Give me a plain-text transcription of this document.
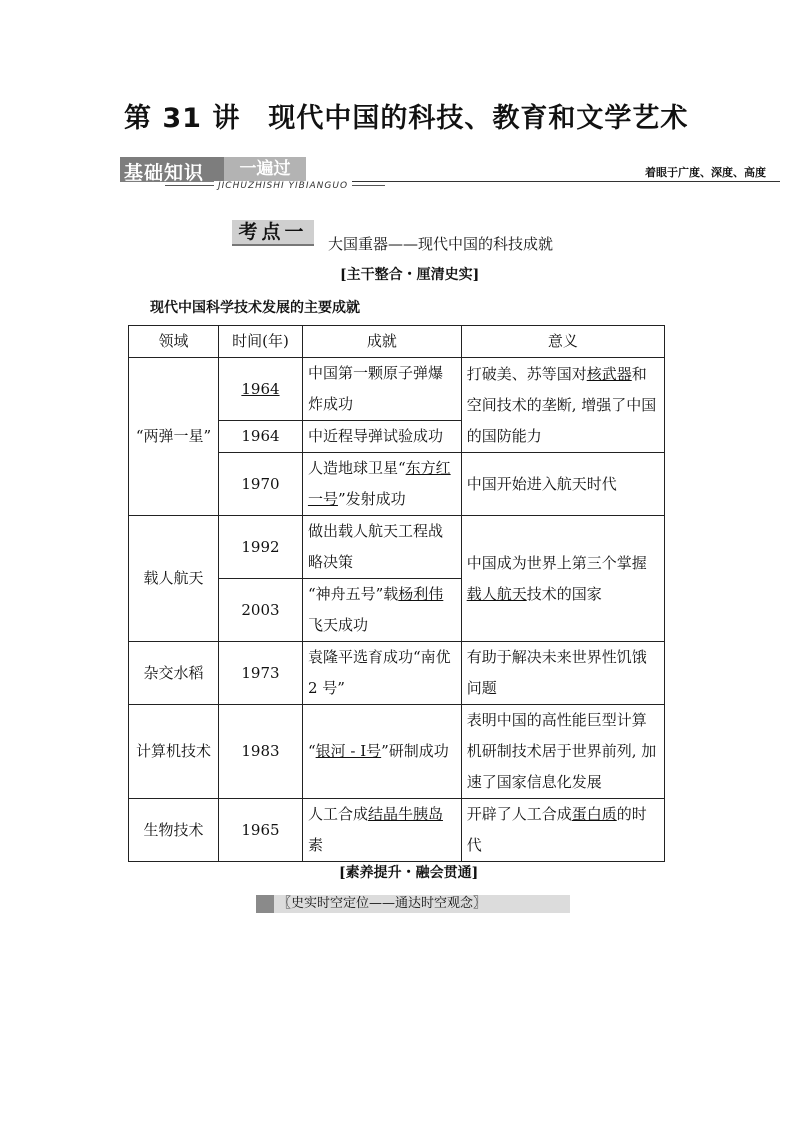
第 31 讲　现代中国的科技、教育和文学艺术
基础知识	一遍过
JICHUZHISHI YIBIANGUO
着眼于广度、深度、高度
考点一
大国重器——现代中国的科技成就
[主干整合・厘清史实]
现代中国科学技术发展的主要成就
领域	时间(年)	成就	意义
“两弹一星”	1964	中国第一颗原子弹爆炸成功	打破美、苏等国对核武器和空间技术的垄断, 增强了中国的国防能力
	1964	中近程导弹试验成功	
	1970	人造地球卫星“东方红一号”发射成功	中国开始进入航天时代
载人航天	1992	做出载人航天工程战略决策	中国成为世界上第三个掌握载人航天技术的国家
	2003	“神舟五号”载杨利伟飞天成功	
杂交水稻	1973	袁隆平选育成功“南优 2 号”	有助于解决未来世界性饥饿问题
计算机技术	1983	“银河 - Ⅰ号”研制成功	表明中国的高性能巨型计算机研制技术居于世界前列, 加速了国家信息化发展
生物技术	1965	人工合成结晶牛胰岛素	开辟了人工合成蛋白质的时代
[素养提升・融会贯通]
〖史实时空定位——通达时空观念〗
